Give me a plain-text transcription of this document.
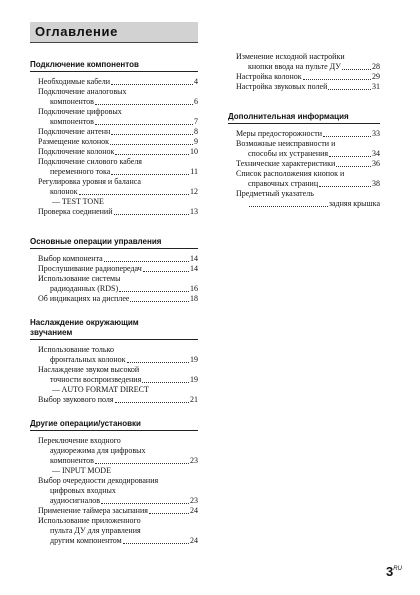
Оглавление
Подключение компонентов
Необходимые кабели	4
Подключение аналоговых
компонентов	6
Подключение цифровых
компонентов	7
Подключение антенн	8
Размещение колонок	9
Подключение колонок	10
Подключение силового кабеля
переменного тока	11
Регулировка уровня и баланса
колонок	12
— TEST TONE
Проверка соединений	13
Основные операции управления
Выбор компонента	14
Прослушивание радиопередач	14
Использование системы
радиоданных (RDS)	16
Об индикациях на дисплее	18
Наслаждение окружающим
звучанием
Использование только
фронтальных колонок	19
Наслаждение звуком высокой
точности воспроизведения	19
— AUTO FORMAT DIRECT
Выбор звукового поля	21
Другие операции/установки
Переключение входного
аудиорежима для цифровых
компонентов	23
— INPUT MODE
Выбор очередности декодирования
цифровых входных
аудиосигналов	23
Применение таймера засыпания	24
Использование приложенного
пульта ДУ для управления
другим компонентом	24
Изменение исходной настройки
кнопки ввода на пульте ДУ	28
Настройка колонок	29
Настройка звуковых полей	31
Дополнительная информация
Меры предосторожности	33
Возможные неисправности и
способы их устранения	34
Технические характеристики	36
Список расположения кнопок и
справочных страниц	38
Предметный указатель
задняя крышка
$3^{RU}$
